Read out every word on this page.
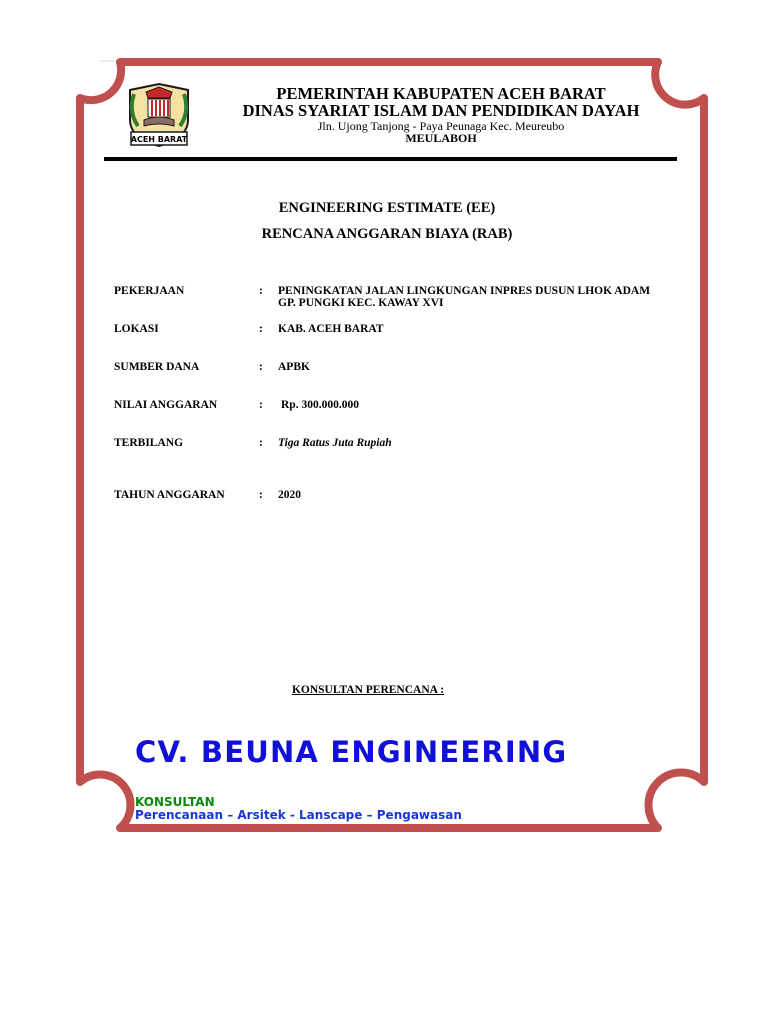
ACEH BARAT
PEMERINTAH KABUPATEN ACEH BARAT
DINAS SYARIAT ISLAM DAN PENDIDIKAN DAYAH
Jln. Ujong Tanjong - Paya Peunaga Kec. Meureubo
MEULABOH
ENGINEERING ESTIMATE (EE)
RENCANA ANGGARAN BIAYA (RAB)
PEKERJAAN	: PENINGKATAN JALAN LINGKUNGAN INPRES DUSUN LHOK ADAM
GP. PUNGKI KEC. KAWAY XVI
LOKASI	: KAB. ACEH BARAT
SUMBER DANA	: APBK
NILAI ANGGARAN	: Rp. 300.000.000
TERBILANG	: Tiga Ratus Juta Rupiah
TAHUN ANGGARAN	: 2020
KONSULTAN PERENCANA :
CV. BEUNA ENGINEERING
KONSULTAN
Perencanaan – Arsitek - Lanscape – Pengawasan
